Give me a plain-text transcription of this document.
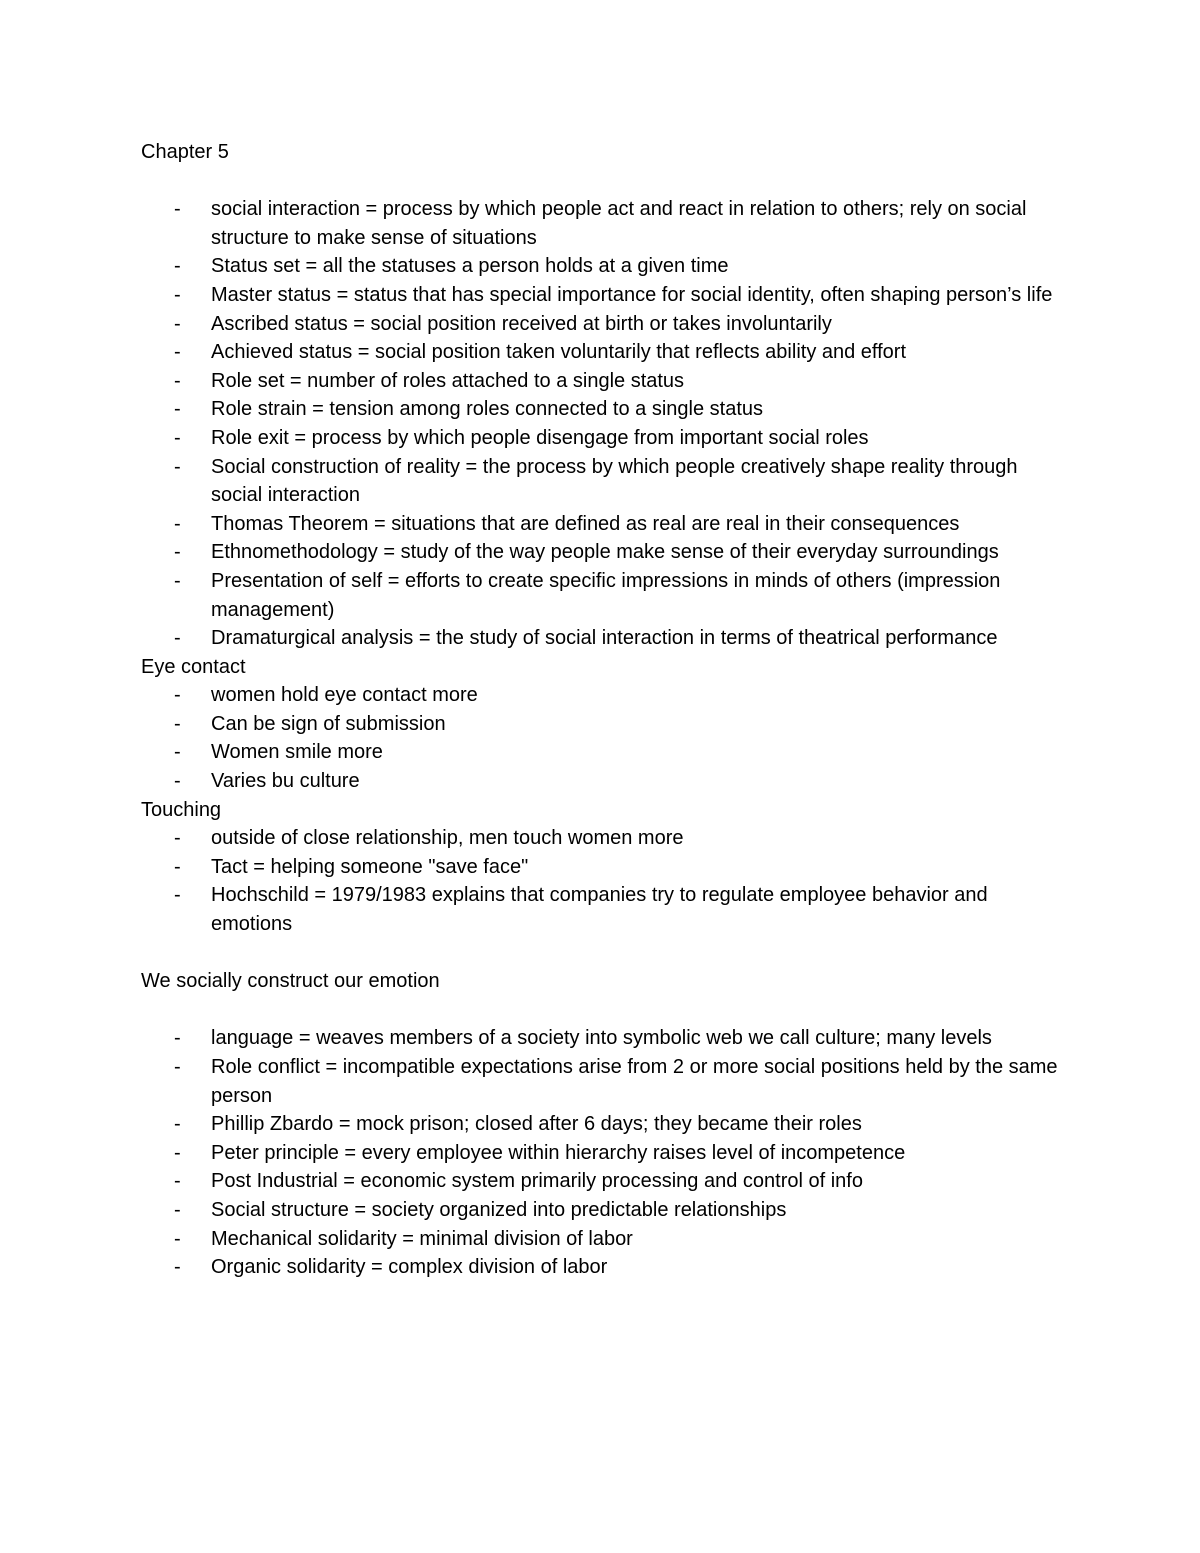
Chapter 5
- social interaction = process by which people act and react in relation to others; rely on social structure to make sense of situations
- Status set = all the statuses a person holds at a given time
- Master status = status that has special importance for social identity, often shaping person’s life
- Ascribed status = social position received at birth or takes involuntarily
- Achieved status = social position taken voluntarily that reflects ability and effort
- Role set = number of roles attached to a single status
- Role strain = tension among roles connected to a single status
- Role exit = process by which people disengage from important social roles
- Social construction of reality = the process by which people creatively shape reality through social interaction
- Thomas Theorem = situations that are defined as real are real in their consequences
- Ethnomethodology = study of the way people make sense of their everyday surroundings
- Presentation of self = efforts to create specific impressions in minds of others (impression management)
- Dramaturgical analysis = the study of social interaction in terms of theatrical performance
Eye contact
- women hold eye contact more
- Can be sign of submission
- Women smile more
- Varies bu culture
Touching
- outside of close relationship, men touch women more
- Tact = helping someone "save face"
- Hochschild = 1979/1983 explains that companies try to regulate employee behavior and emotions
We socially construct our emotion
- language = weaves members of a society into symbolic web we call culture; many levels
- Role conflict = incompatible expectations arise from 2 or more social positions held by the same person
- Phillip Zbardo = mock prison; closed after 6 days; they became their roles
- Peter principle = every employee within hierarchy raises level of incompetence
- Post Industrial = economic system primarily processing and control of info
- Social structure = society organized into predictable relationships
- Mechanical solidarity = minimal division of labor
- Organic solidarity = complex division of labor
